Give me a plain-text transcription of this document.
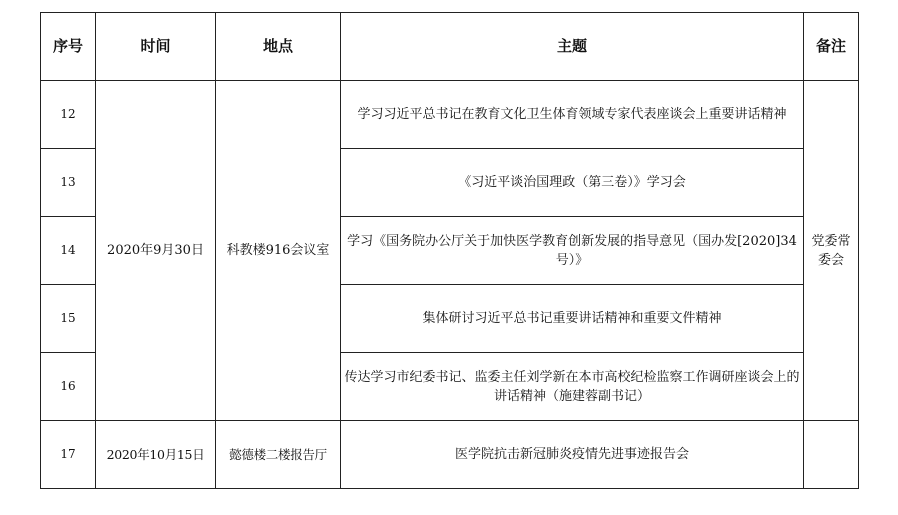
序号	时间	地点	主题	备注
12	2020年9月30日	科教楼916会议室	学习习近平总书记在教育文化卫生体育领域专家代表座谈会上重要讲话精神	党委常委会
13			《习近平谈治国理政（第三卷）》学习会	
14			学习《国务院办公厅关于加快医学教育创新发展的指导意见（国办发[2020]34号）》	
15			集体研讨习近平总书记重要讲话精神和重要文件精神	
16			传达学习市纪委书记、监委主任刘学新在本市高校纪检监察工作调研座谈会上的讲话精神（施建蓉副书记）	
17	2020年10月15日	懿德楼二楼报告厅	医学院抗击新冠肺炎疫情先进事迹报告会	
